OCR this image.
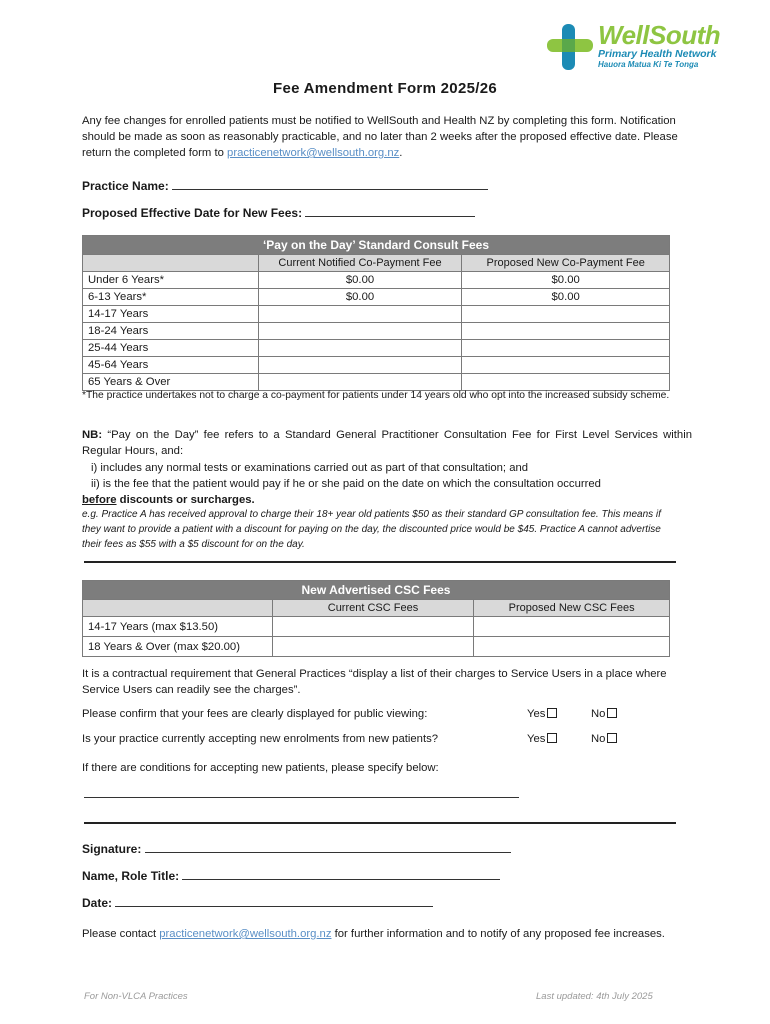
WellSouth
Primary Health Network
Hauora Matua Ki Te Tonga
Fee Amendment Form 2025/26
Any fee changes for enrolled patients must be notified to WellSouth and Health NZ by completing this form. Notification should be made as soon as reasonably practicable, and no later than 2 weeks after the proposed effective date. Please return the completed form to practicenetwork@wellsouth.org.nz.
Practice Name:
Proposed Effective Date for New Fees:
‘Pay on the Day’ Standard Consult Fees		
	Current Notified Co-Payment Fee	Proposed New Co-Payment Fee
Under 6 Years*	$0.00	$0.00
6-13 Years*	$0.00	$0.00
14-17 Years		
18-24 Years		
25-44 Years		
45-64 Years		
65 Years & Over		
*The practice undertakes not to charge a co-payment for patients under 14 years old who opt into the increased subsidy scheme.
NB: “Pay on the Day” fee refers to a Standard General Practitioner Consultation Fee for First Level Services within Regular Hours, and:
i) includes any normal tests or examinations carried out as part of that consultation; and
ii) is the fee that the patient would pay if he or she paid on the date on which the consultation occurred
before discounts or surcharges.
e.g. Practice A has received approval to charge their 18+ year old patients $50 as their standard GP consultation fee. This means if they want to provide a patient with a discount for paying on the day, the discounted price would be $45. Practice A cannot advertise their fees as $55 with a $5 discount for on the day.
New Advertised CSC Fees		
	Current CSC Fees	Proposed New CSC Fees
14-17 Years (max $13.50)		
18 Years & Over (max $20.00)		
It is a contractual requirement that General Practices “display a list of their charges to Service Users in a place where Service Users can readily see the charges”.
Please confirm that your fees are clearly displayed for public viewing:	Yes	No
Is your practice currently accepting new enrolments from new patients?	Yes	No
If there are conditions for accepting new patients, please specify below:
Signature:
Name, Role Title:
Date:
Please contact practicenetwork@wellsouth.org.nz for further information and to notify of any proposed fee increases.
For Non-VLCA Practices	Last updated: 4th July 2025
